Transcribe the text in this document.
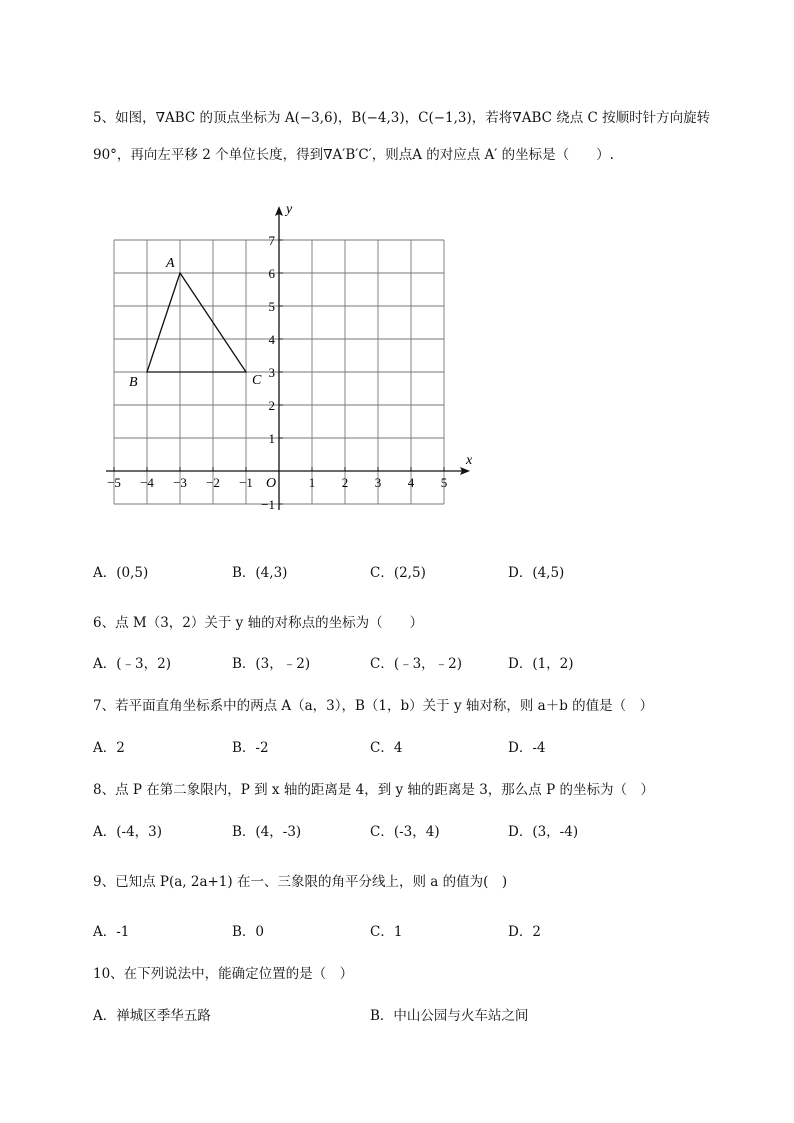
5、如图，∇ABC 的顶点坐标为 A(−3,6)，B(−4,3)，C(−1,3)，若将∇ABC 绕点 C 按顺时针方向旋转
90°，再向左平移 2 个单位长度，得到∇A′B′C′，则点A 的对应点 A′ 的坐标是（　　）.
x
y
O
−5 −4 −3 −2 −1	1 2 3 4 5
7
6
5
4
3
2
1
−1
A
B	C
A．(0,5)	B．(4,3)	C．(2,5)	D．(4,5)
6、点 M（3，2）关于 y 轴的对称点的坐标为（　　）
A．(﹣3，2)	B．(3，﹣2)	C．(﹣3，﹣2)	D．(1，2)
7、若平面直角坐标系中的两点 A（a，3），B（1，b）关于 y 轴对称，则 a＋b 的值是（　）
A．2	B．-2	C．4	D．-4
8、点 P 在第二象限内，P 到 x 轴的距离是 4，到 y 轴的距离是 3，那么点 P 的坐标为（　）
A．(-4，3)	B．(4，-3)	C．(-3，4)	D．(3，-4)
9、已知点 P(a, 2a+1) 在一、三象限的角平分线上，则 a 的值为(　)
A．-1	B．0	C．1	D．2
10、在下列说法中，能确定位置的是（　）
A．禅城区季华五路	B．中山公园与火车站之间
